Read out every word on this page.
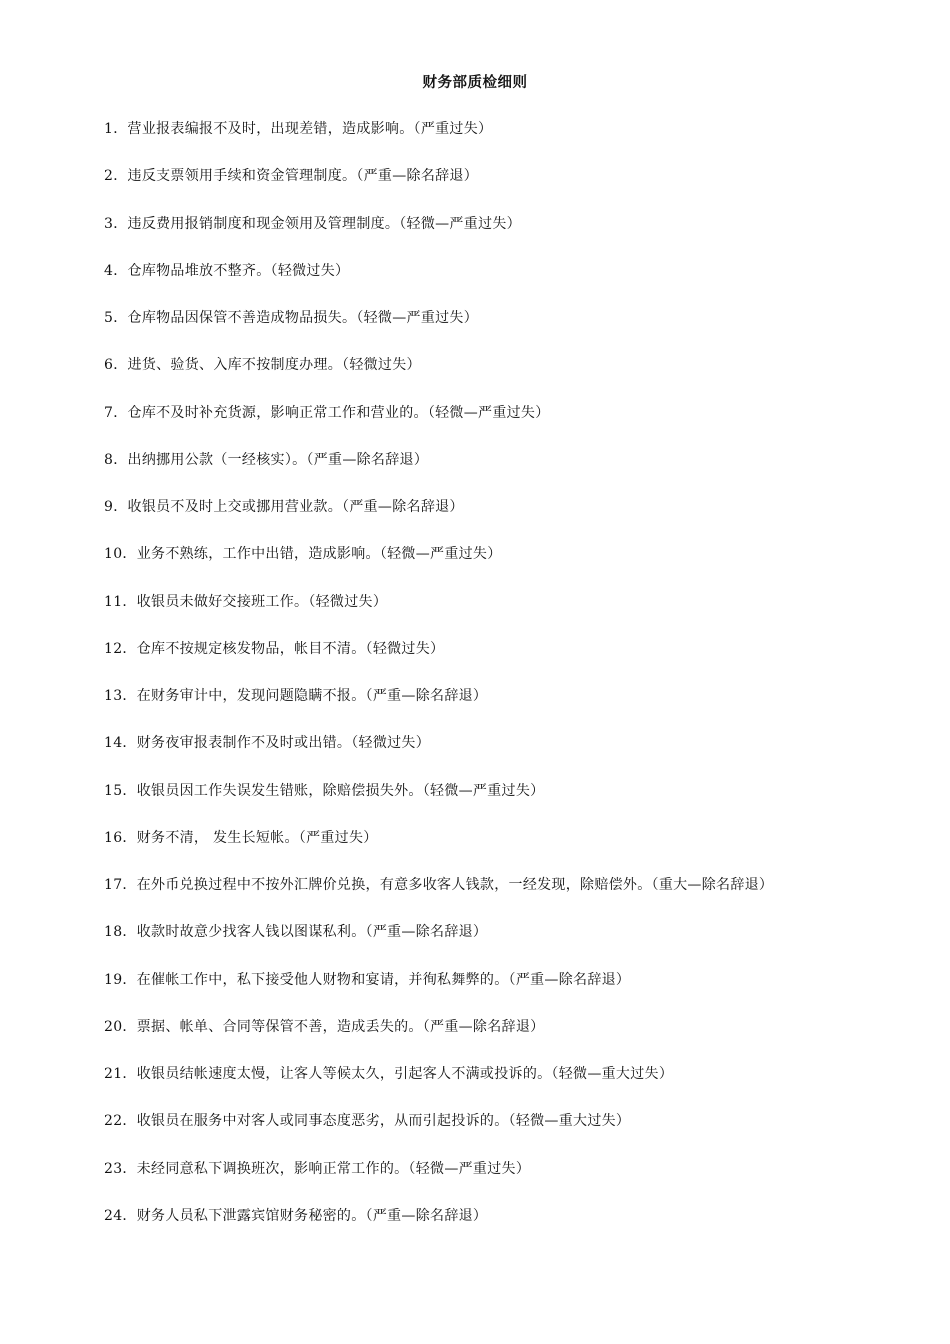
财务部质检细则
1．营业报表编报不及时，出现差错，造成影响。（严重过失）
2．违反支票领用手续和资金管理制度。（严重—除名辞退）
3．违反费用报销制度和现金领用及管理制度。（轻微—严重过失）
4．仓库物品堆放不整齐。（轻微过失）
5．仓库物品因保管不善造成物品损失。（轻微—严重过失）
6．进货、验货、入库不按制度办理。（轻微过失）
7．仓库不及时补充货源，影响正常工作和营业的。（轻微—严重过失）
8．出纳挪用公款（一经核实）。（严重—除名辞退）
9．收银员不及时上交或挪用营业款。（严重—除名辞退）
10．业务不熟练，工作中出错，造成影响。（轻微—严重过失）
11．收银员未做好交接班工作。（轻微过失）
12．仓库不按规定核发物品，帐目不清。（轻微过失）
13．在财务审计中，发现问题隐瞒不报。（严重—除名辞退）
14．财务夜审报表制作不及时或出错。（轻微过失）
15．收银员因工作失误发生错账，除赔偿损失外。（轻微—严重过失）
16．财务不清， 发生长短帐。（严重过失）
17．在外币兑换过程中不按外汇牌价兑换，有意多收客人钱款，一经发现，除赔偿外。（重大—除名辞退）
18．收款时故意少找客人钱以图谋私利。（严重—除名辞退）
19．在催帐工作中，私下接受他人财物和宴请，并徇私舞弊的。（严重—除名辞退）
20．票据、帐单、合同等保管不善，造成丢失的。（严重—除名辞退）
21．收银员结帐速度太慢，让客人等候太久，引起客人不满或投诉的。（轻微—重大过失）
22．收银员在服务中对客人或同事态度恶劣，从而引起投诉的。（轻微—重大过失）
23．未经同意私下调换班次，影响正常工作的。（轻微—严重过失）
24．财务人员私下泄露宾馆财务秘密的。（严重—除名辞退）
